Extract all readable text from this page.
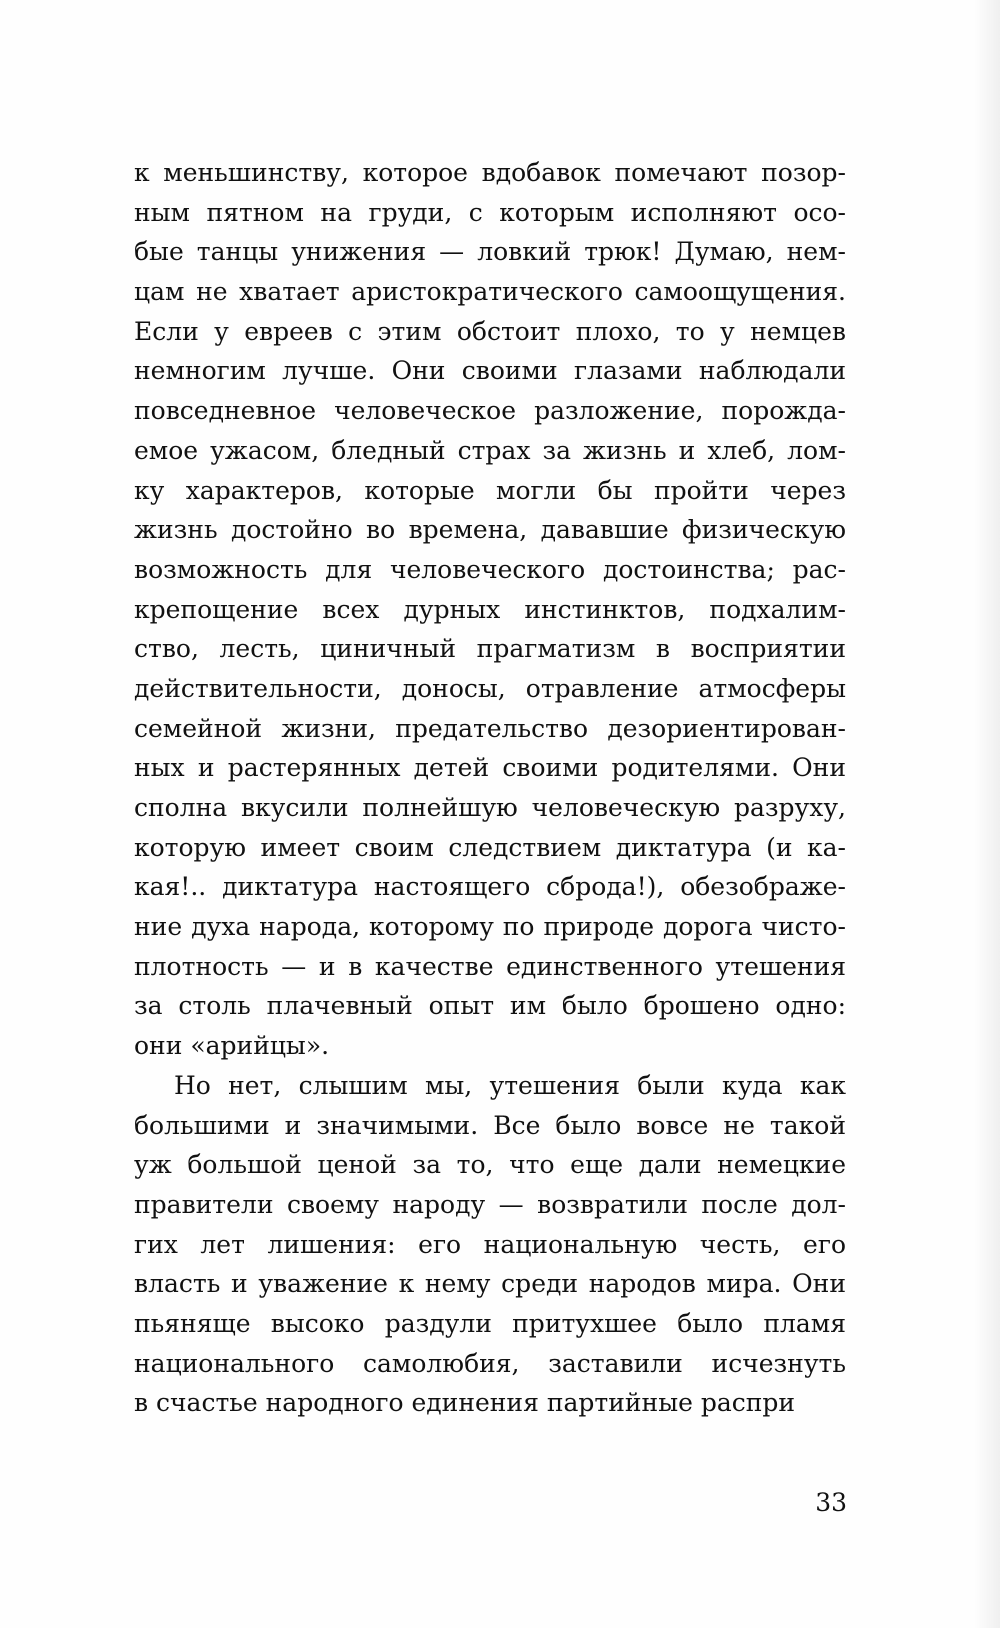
к меньшинству, которое вдобавок помечают позор-
ным пятном на груди, с которым исполняют осо-
бые танцы унижения — ловкий трюк! Думаю, нем-
цам не хватает аристократического самоощущения.
Если у евреев с этим обстоит плохо, то у немцев
немногим лучше. Они своими глазами наблюдали
повседневное человеческое разложение, порожда-
емое ужасом, бледный страх за жизнь и хлеб, лом-
ку характеров, которые могли бы пройти через
жизнь достойно во времена, дававшие физическую
возможность для человеческого достоинства; рас-
крепощение всех дурных инстинктов, подхалим-
ство, лесть, циничный прагматизм в восприятии
действительности, доносы, отравление атмосферы
семейной жизни, предательство дезориентирован-
ных и растерянных детей своими родителями. Они
сполна вкусили полнейшую человеческую разруху,
которую имеет своим следствием диктатура (и ка-
кая!.. диктатура настоящего сброда!), обезображе-
ние духа народа, которому по природе дорога чисто-
плотность — и в качестве единственного утешения
за столь плачевный опыт им было брошено одно:
они «арийцы».
Но нет, слышим мы, утешения были куда как
большими и значимыми. Все было вовсе не такой
уж большой ценой за то, что еще дали немецкие
правители своему народу — возвратили после дол-
гих лет лишения: его национальную честь, его
власть и уважение к нему среди народов мира. Они
пьяняще высоко раздули притухшее было пламя
национального самолюбия, заставили исчезнуть
в счастье народного единения партийные распри
33
